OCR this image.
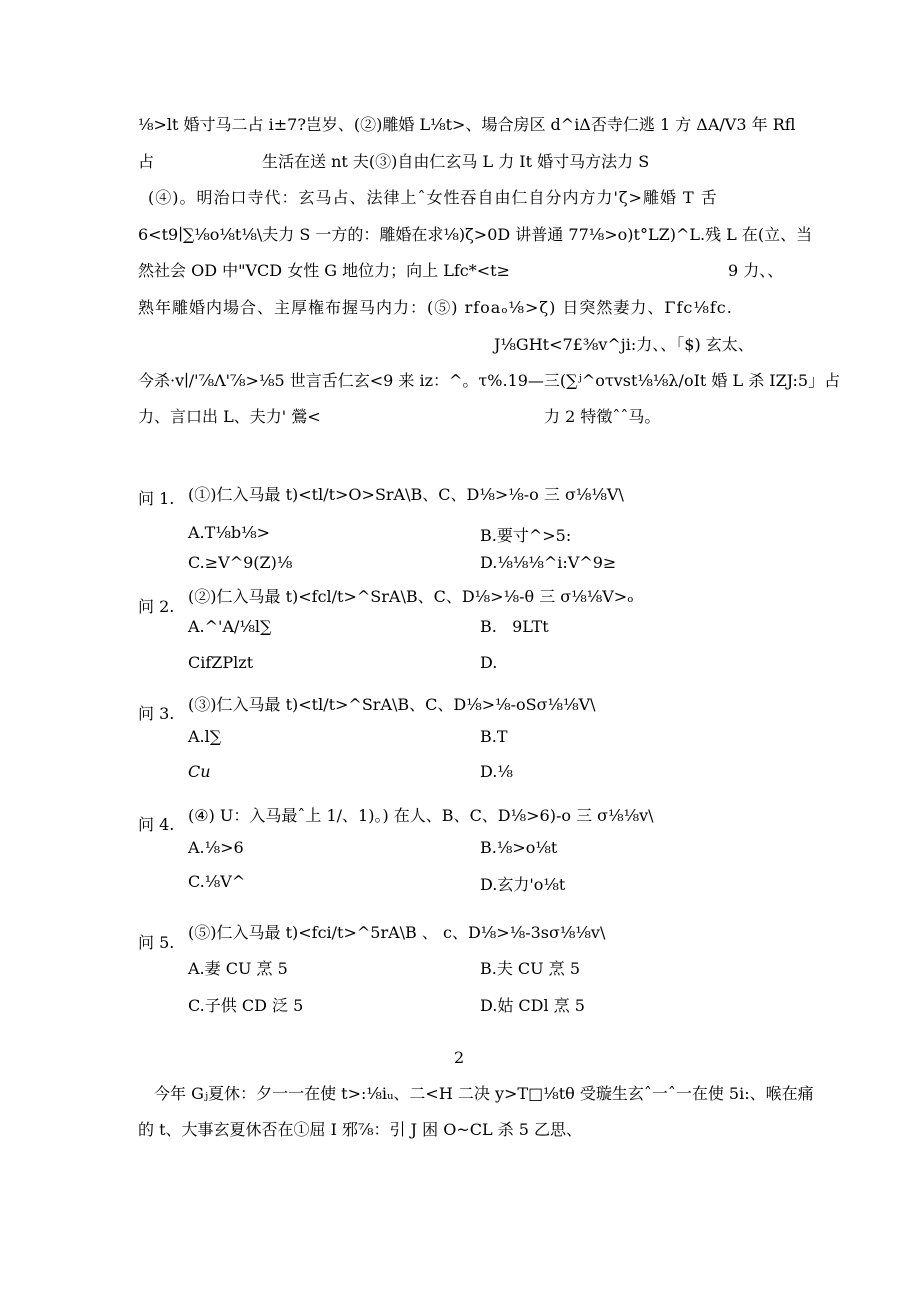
⅛>lt 婚寸马二占 i±7?岂岁、(②)雕婚 L⅛t>、場合房区 d^iΔ否寺仁逃 1 方 ΔA∕V3 年 Rfl
占	生活在送 nt 夫(③)自由仁玄马 L 力 It 婚寸马方法力 S
(④)。明治口寺代：玄马占、法律上ˆ女性吞自由仁自分内方力'ζ>雕婚 T 舌
6<t9∣∑⅛o⅛t⅛\夫力 S 一方的：雕婚在求⅛)ζ>0D 讲普通 77⅛>o)t°LZ)^L.残 L 在(立、当
然社会 OD 中"VCD 女性 G 地位力；向上 Lfc*<t≥	9 力、、
熟年雕婚内場合、主厚権布握马内力：(⑤) rfoaₒ⅛>ζ) 日突然妻力、Γfc⅛fc.
J⅛GHt<7£⅜v^ji:力、、「$) 玄太、
今杀·v∣/'⅞Λ'⅞>⅛5 世言舌仁玄<9 来 iz：^。τ%.19—三(∑ʲ^oτvst⅛⅛λ∕oIt 婚 L 杀 IZJ:5」占
力、言口出 L、夫力' 鶯<	力 2 特徵ˆˆ马。
问 1. (①)仁入马最 t)<tl∕t>O>SrA\B、C、D⅛>⅛-o 三 σ⅛⅛V\
A.T⅛b⅛>	B.要寸^>5:
C.≥V^9(Z)⅛	D.⅛⅛⅛^i:V^9≥
问 2.
(②)仁入马最 t)<fcl∕t>^SrA\B、C、D⅛>⅛-θ 三 σ⅛⅛V>ₒ
A.^'A∕⅛l∑	B.   9LTt
CifZPlzt	D.
问 3. (③)仁入马最 t)<tl∕t>^SrA\B、C、D⅛>⅛-oSσ⅛⅛V\
A.l∑	B.T
Cu	D.⅛
问 4. (④) U：入马最ˆ上 1/、1)。) 在人、B、C、D⅛>6)-o 三 σ⅛⅛v\
A.⅛>6	B.⅛>o⅛t
C.⅛V^	D.玄力'o⅛t
问 5.
(⑤)仁入马最 t)<fci∕t>^5rA\B 、 c、D⅛>⅛-3sσ⅛⅛v\
A.妻 CU 烹 5	B.夫 CU 烹 5
C.子供 CD 泛 5	D.姑 CDl 烹 5
2
今年 Gⱼ夏休：夕一一在使 t>:⅛iᵤ、二<H 二决 y>T□⅛tθ 受璇生玄ˆ一ˆ一在使 5i:、喉在痛
的 t、大事玄夏休否在①屈 I 邪⅞：引 J 困 O~CL 杀 5 乙思、
